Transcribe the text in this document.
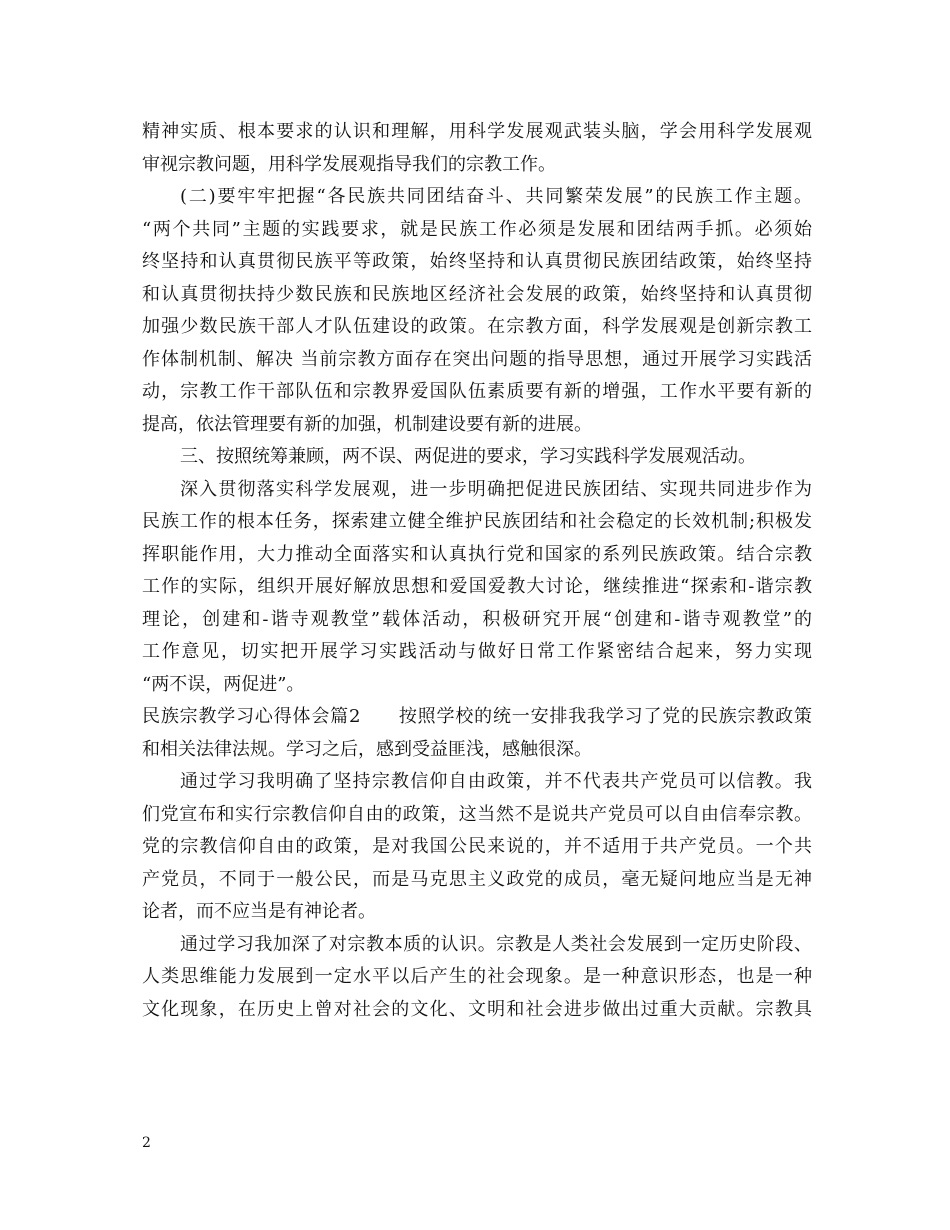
精神实质、根本要求的认识和理解，用科学发展观武装头脑，学会用科学发展观
审视宗教问题，用科学发展观指导我们的宗教工作。
(二)要牢牢把握“各民族共同团结奋斗、共同繁荣发展”的民族工作主题。
“两个共同”主题的实践要求，就是民族工作必须是发展和团结两手抓。必须始
终坚持和认真贯彻民族平等政策，始终坚持和认真贯彻民族团结政策，始终坚持
和认真贯彻扶持少数民族和民族地区经济社会发展的政策，始终坚持和认真贯彻
加强少数民族干部人才队伍建设的政策。在宗教方面，科学发展观是创新宗教工
作体制机制、解决 当前宗教方面存在突出问题的指导思想，通过开展学习实践活
动，宗教工作干部队伍和宗教界爱国队伍素质要有新的增强，工作水平要有新的
提高，依法管理要有新的加强，机制建设要有新的进展。
三、按照统筹兼顾，两不误、两促进的要求，学习实践科学发展观活动。
深入贯彻落实科学发展观，进一步明确把促进民族团结、实现共同进步作为
民族工作的根本任务，探索建立健全维护民族团结和社会稳定的长效机制;积极发
挥职能作用，大力推动全面落实和认真执行党和国家的系列民族政策。结合宗教
工作的实际，组织开展好解放思想和爱国爱教大讨论，继续推进“探索和-谐宗教
理论，创建和-谐寺观教堂”载体活动，积极研究开展“创建和-谐寺观教堂”的
工作意见，切实把开展学习实践活动与做好日常工作紧密结合起来，努力实现
“两不误，两促进”。
民族宗教学习心得体会篇2　　按照学校的统一安排我我学习了党的民族宗教政策
和相关法律法规。学习之后，感到受益匪浅，感触很深。
通过学习我明确了坚持宗教信仰自由政策，并不代表共产党员可以信教。我
们党宣布和实行宗教信仰自由的政策，这当然不是说共产党员可以自由信奉宗教。
党的宗教信仰自由的政策，是对我国公民来说的，并不适用于共产党员。一个共
产党员，不同于一般公民，而是马克思主义政党的成员，毫无疑问地应当是无神
论者，而不应当是有神论者。
通过学习我加深了对宗教本质的认识。宗教是人类社会发展到一定历史阶段、
人类思维能力发展到一定水平以后产生的社会现象。是一种意识形态，也是一种
文化现象，在历史上曾对社会的文化、文明和社会进步做出过重大贡献。宗教具
2
